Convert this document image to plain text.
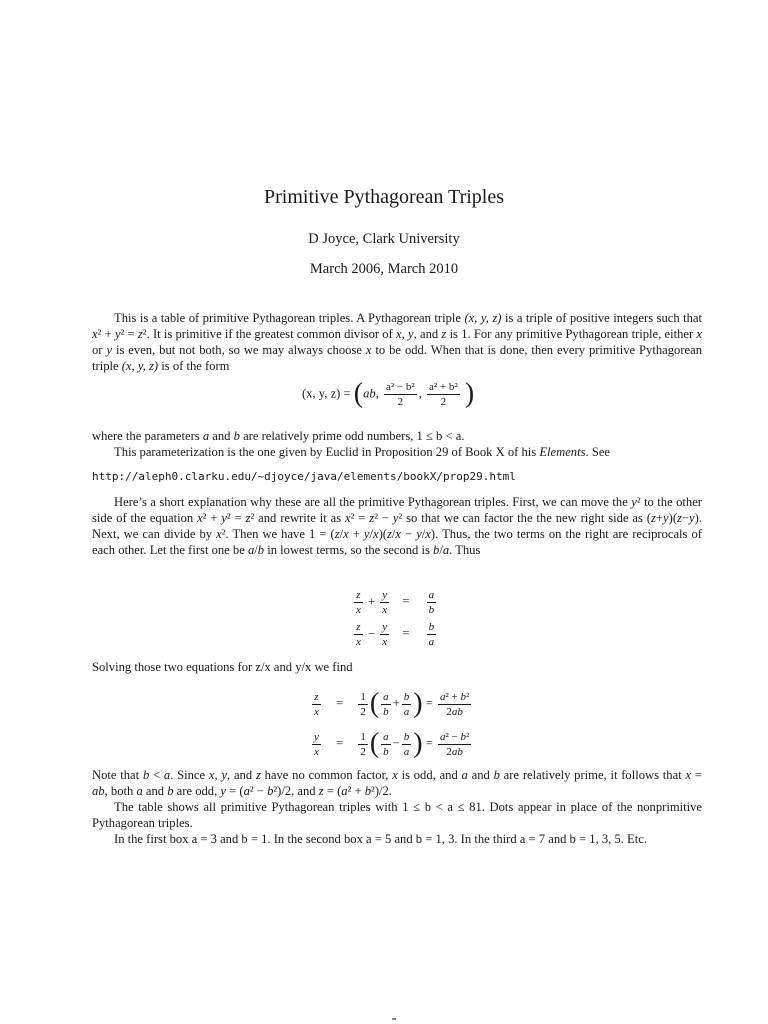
Primitive Pythagorean Triples
D Joyce, Clark University
March 2006, March 2010
This is a table of primitive Pythagorean triples. A Pythagorean triple (x, y, z) is a triple of positive integers such that x² + y² = z². It is primitive if the greatest common divisor of x, y, and z is 1. For any primitive Pythagorean triple, either x or y is even, but not both, so we may always choose x to be odd. When that is done, then every primitive Pythagorean triple (x, y, z) is of the form
(x, y, z) = (ab, $\frac{\text{a² − b²}}{2}$ , $\frac{\text{a² + b²}}{2}$ )
where the parameters a and b are relatively prime odd numbers, 1 ≤ b < a.
This parameterization is the one given by Euclid in Proposition 29 of Book X of his Elements. See
http://aleph0.clarku.edu/~djoyce/java/elements/bookX/prop29.html
Here’s a short explanation why these are all the primitive Pythagorean triples. First, we can move the y² to the other side of the equation x² + y² = z² and rewrite it as x² = z² − y² so that we can factor the the new right side as (z+y)(z−y). Next, we can divide by x². Then we have 1 = (z/x + y/x)(z/x − y/x). Thus, the two terms on the right are reciprocals of each other. Let the first one be a/b in lowest terms, so the second is b/a. Thus
$\frac{z}{x} + \frac{y}{x} = \frac{a}{b}$
$\frac{z}{x} - \frac{y}{x} = \frac{b}{a}$
Solving those two equations for z/x and y/x we find
$\frac{z}{x} = \frac{1}{2}$ ( $\frac{a}{b} + \frac{b}{a}$ ) = $\frac{\text{a² + b²}}{2ab}$
$\frac{y}{x} = \frac{1}{2}$ ( $\frac{a}{b} - \frac{b}{a}$ ) = $\frac{\text{a² − b²}}{2ab}$
Note that b < a. Since x, y, and z have no common factor, x is odd, and a and b are relatively prime, it follows that x = ab, both a and b are odd, y = (a² − b²)/2, and z = (a² + b²)/2.
The table shows all primitive Pythagorean triples with 1 ≤ b < a ≤ 81. Dots appear in place of the nonprimitive Pythagorean triples.
In the first box a = 3 and b = 1. In the second box a = 5 and b = 1, 3. In the third a = 7 and b = 1, 3, 5. Etc.
